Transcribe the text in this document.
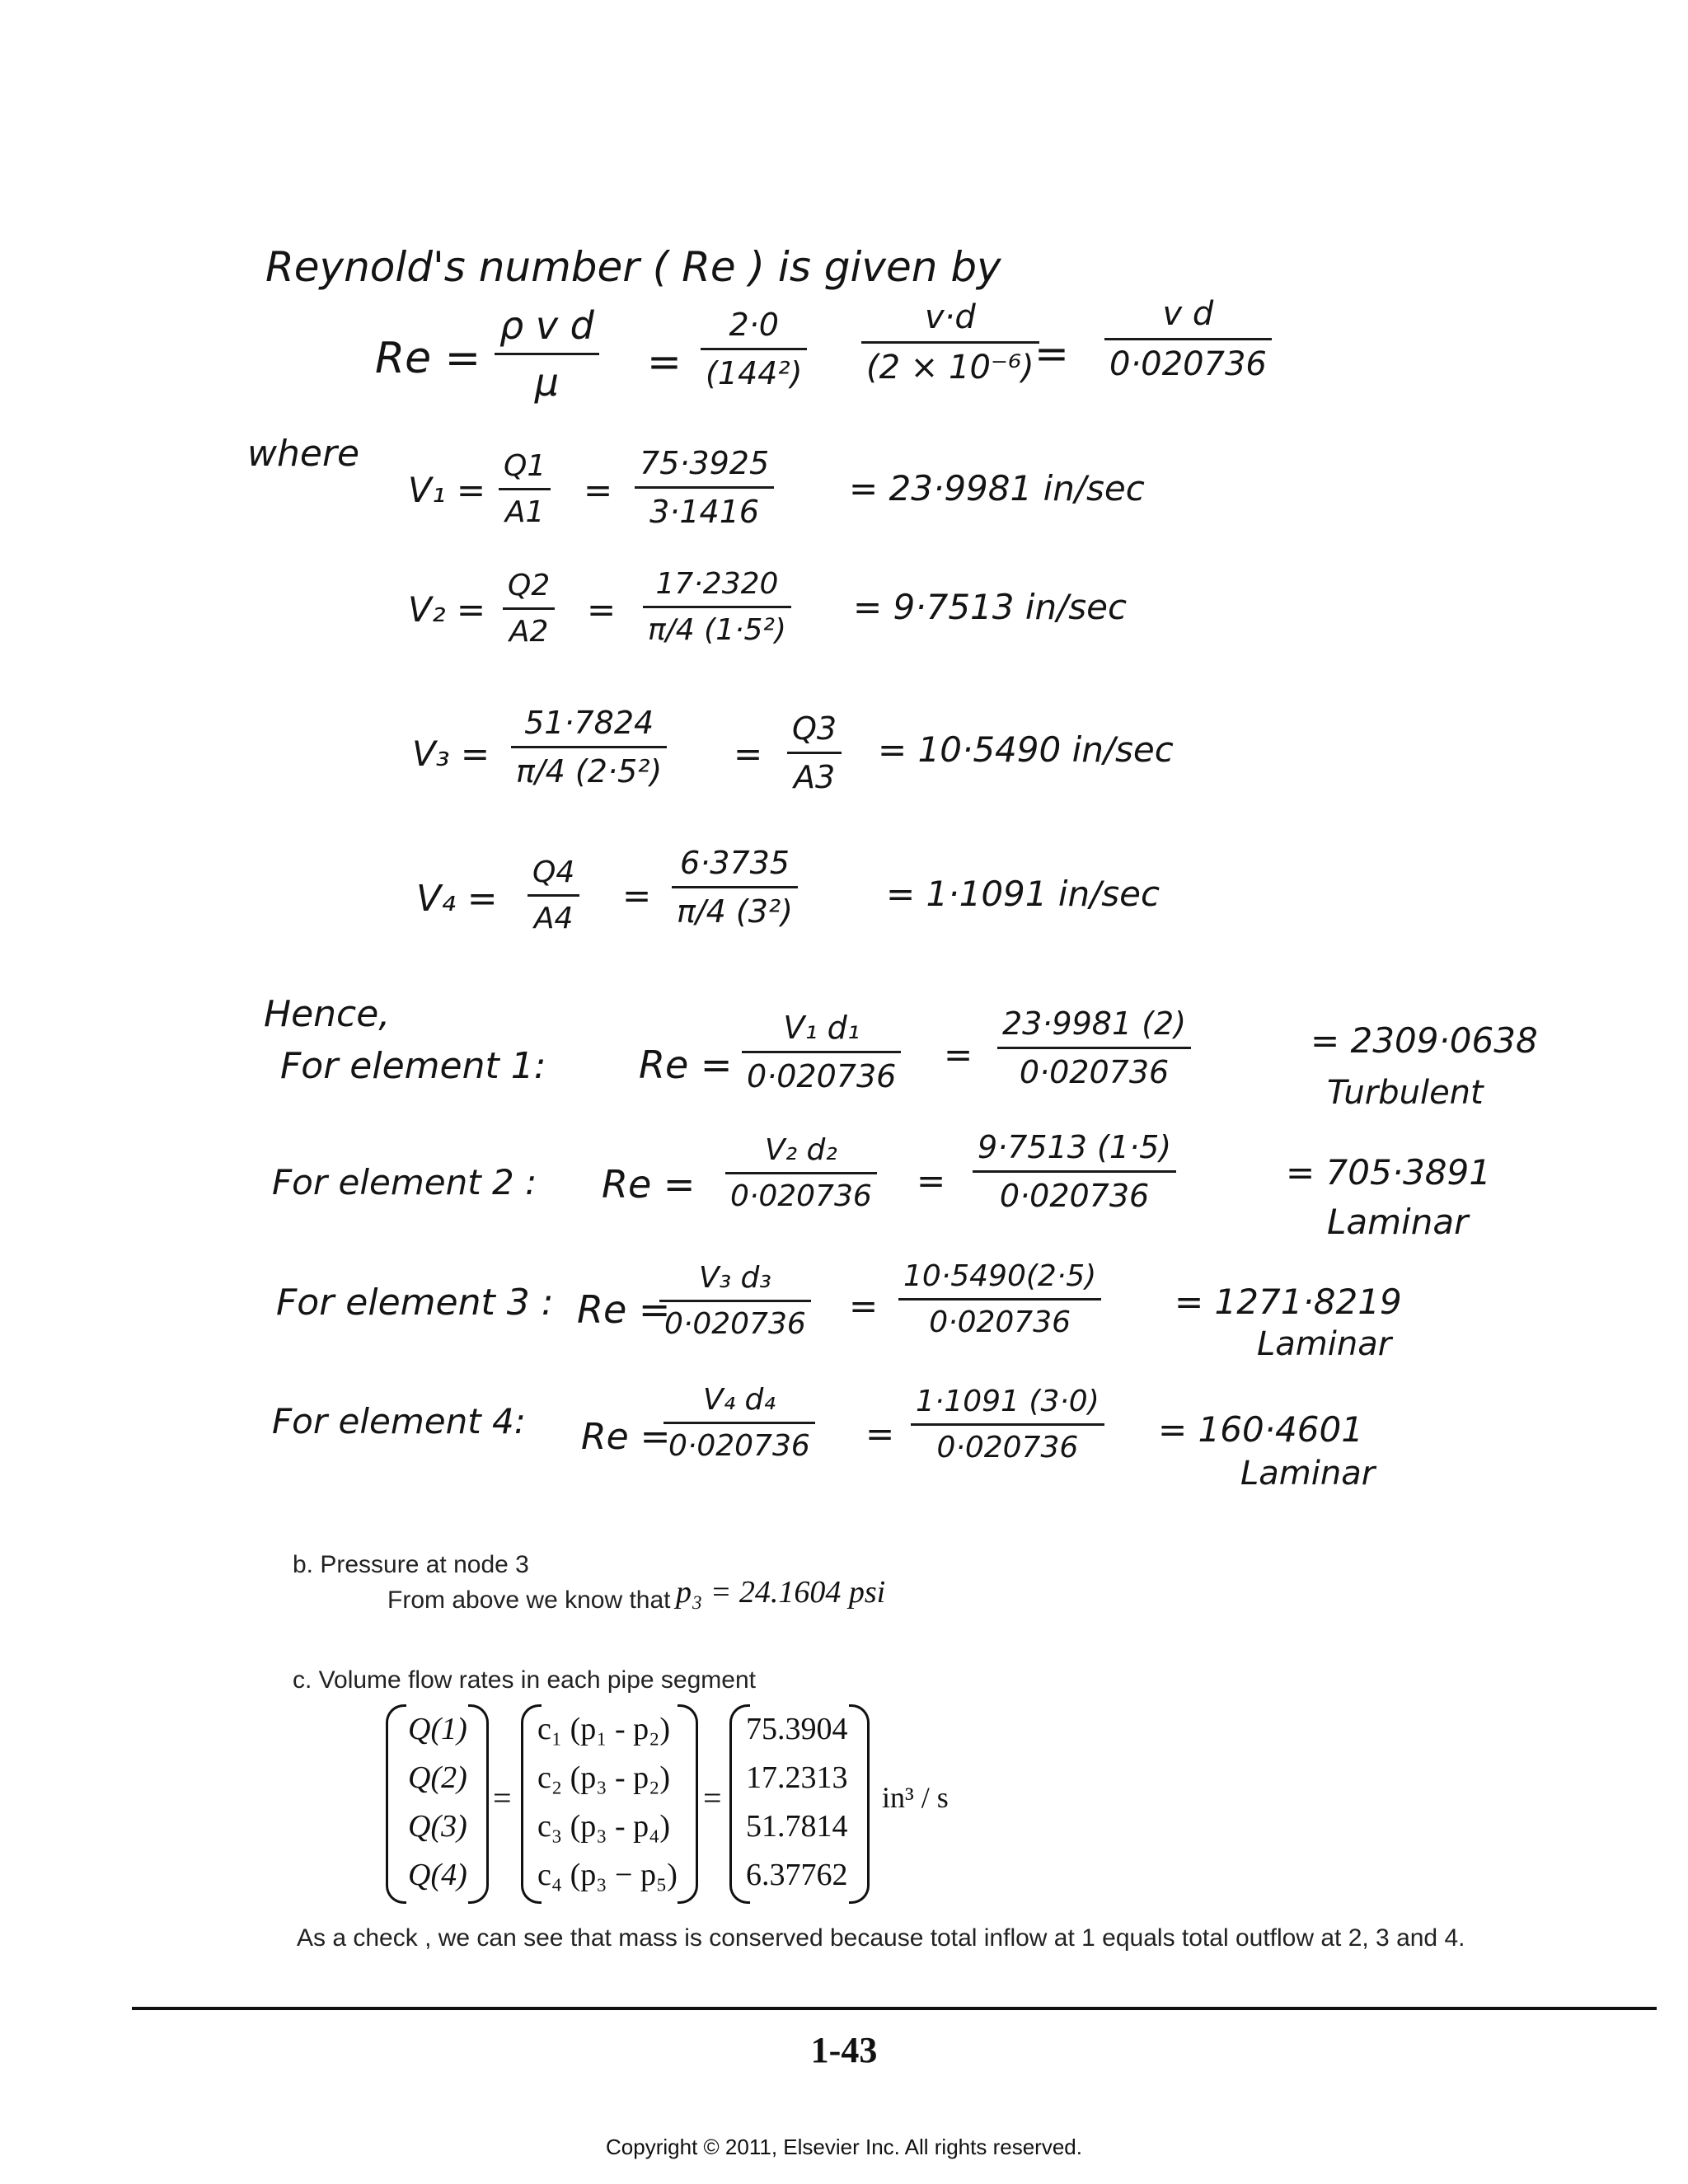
Reynold's number ( Re ) is given by
Re =
ρ v d
μ =
2·0
(144²)
v·d
(2 × 10⁻⁶) =
v d
0·020736
where
V₁ =
Q1
A1
=
75·3925
3·1416
= 23·9981 in/sec
V₂ =
Q2
A2
=
17·2320
π/4 (1·5²)
= 9·7513 in/sec
V₃ =
51·7824
π/4 (2·5²) =
Q3
A3
= 10·5490 in/sec
V₄ =
Q4
A4
=
6·3735
π/4 (3²)	= 1·1091 in/sec
Hence,
For element 1: Re =
V₁ d₁
0·020736
=
23·9981 (2)
0·020736
= 2309·0638
Turbulent
For element 2 : Re =
V₂ d₂
0·020736 =
9·7513 (1·5)
0·020736
= 705·3891
Laminar
For element 3 : Re =
V₃ d₃
0·020736 =
10·5490(2·5)
0·020736
= 1271·8219
Laminar
For element 4: Re =
V₄ d₄
0·020736 =
1·1091 (3·0)
0·020736 = 160·4601
Laminar
b. Pressure at node 3
From above we know that p₃ = 24.1604 psi
c. Volume flow rates in each pipe segment
Q(1)
Q(2)
Q(3)
Q(4)
=
c₁ (p₁ - p₂)
c₂ (p₃ - p₂)
c₃ (p₃ - p₄)
c₄ (p₃ − p₅)
=
75.3904
17.2313
51.7814
6.37762
in³ / s
As a check , we can see that mass is conserved because total inflow at 1 equals total outflow at 2, 3 and 4.
1-43
Copyright © 2011, Elsevier Inc. All rights reserved.
